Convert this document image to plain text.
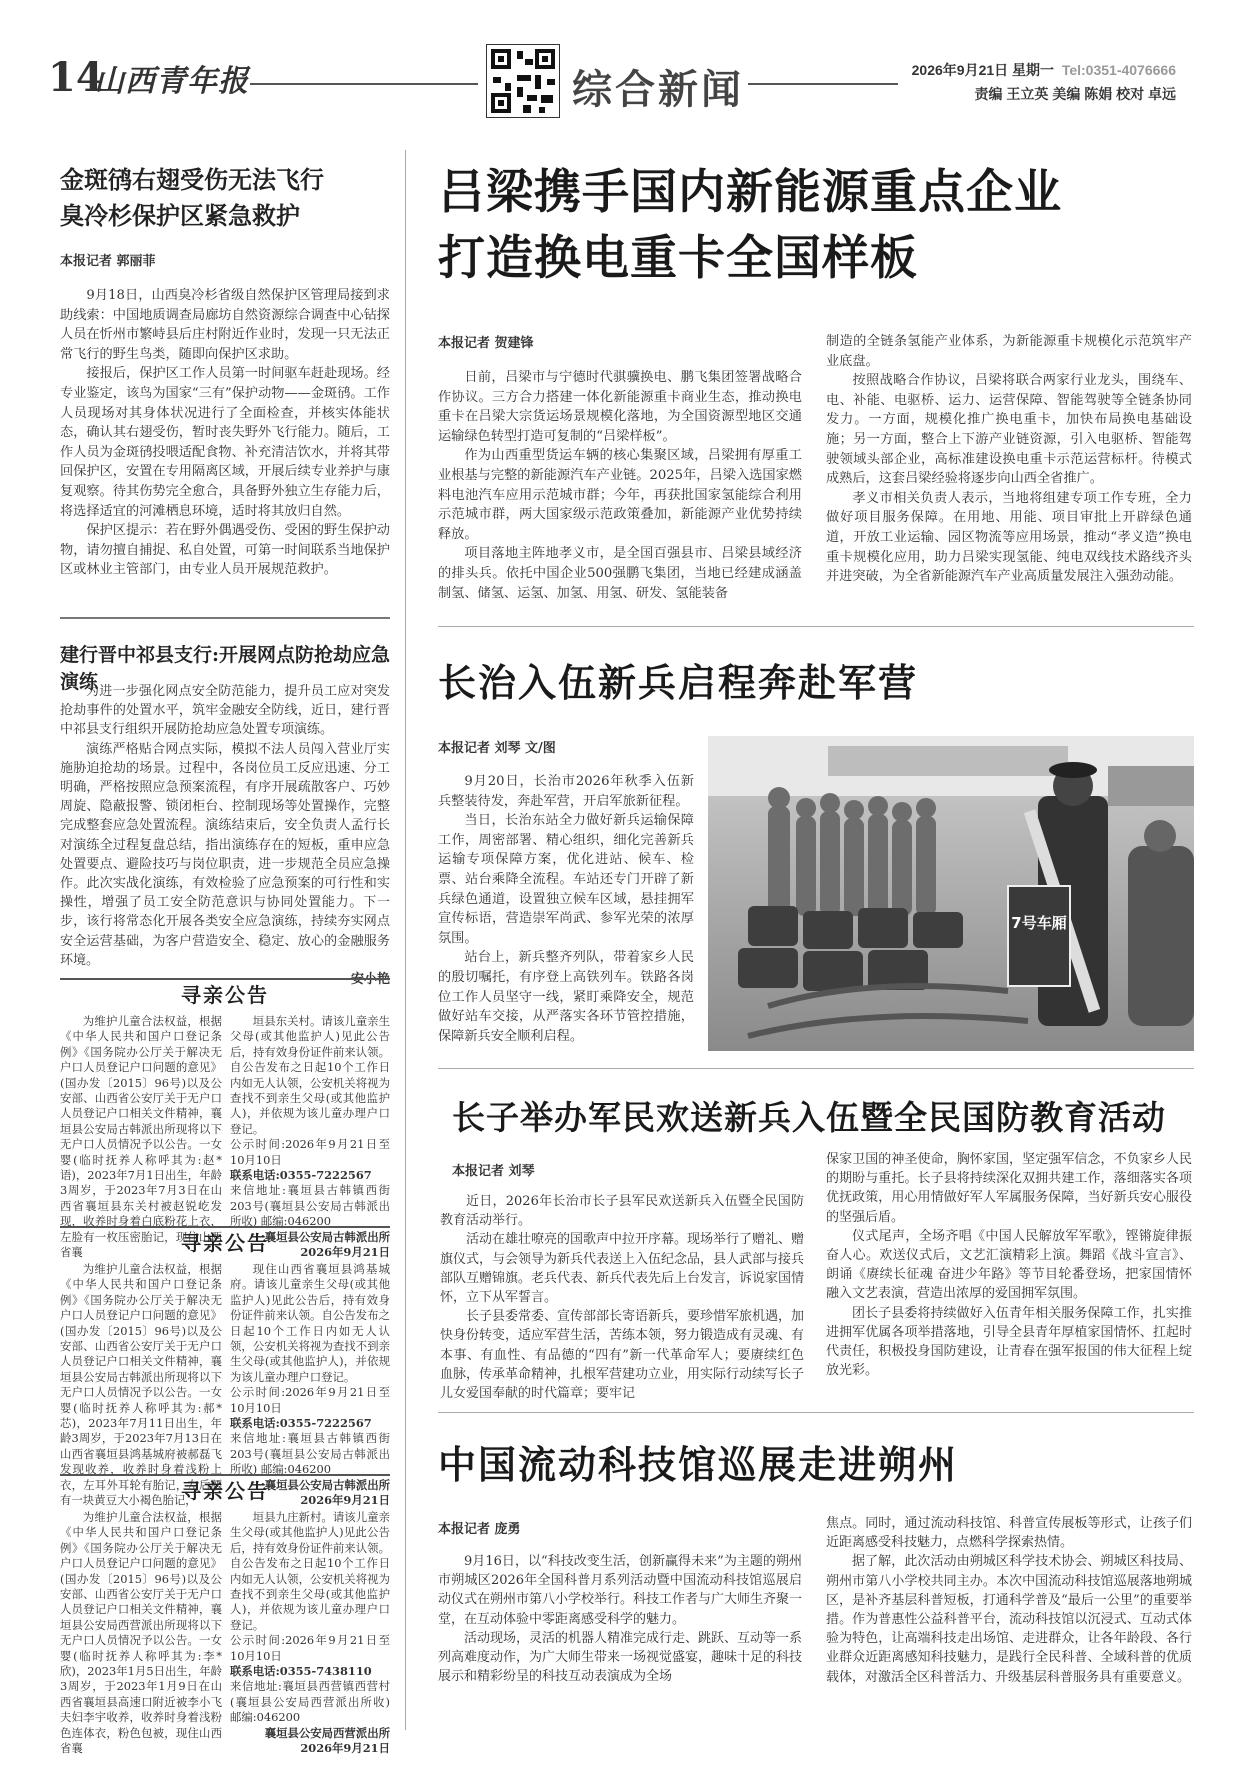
14
山西青年报	综合新闻	2026年9月21日 星期一 Tel:0351-4076666
责编 王立英 美编 陈娟 校对 卓远
金斑鸻右翅受伤无法飞行
臭冷杉保护区紧急救护
本报记者 郭丽菲

9月18日，山西臭冷杉省级自然保护区管理局接到求助线索：中国地质调查局廊坊自然资源综合调查中心钻探人员在忻州市繁峙县后庄村附近作业时，发现一只无法正常飞行的野生鸟类，随即向保护区求助。

接报后，保护区工作人员第一时间驱车赶赴现场。经专业鉴定，该鸟为国家“三有”保护动物——金斑鸻。工作人员现场对其身体状况进行了全面检查，并核实体能状态，确认其右翅受伤，暂时丧失野外飞行能力。随后，工作人员为金斑鸻投喂适配食物、补充清洁饮水，并将其带回保护区，安置在专用隔离区域，开展后续专业养护与康复观察。待其伤势完全愈合，具备野外独立生存能力后，将选择适宜的河滩栖息环境，适时将其放归自然。

保护区提示：若在野外偶遇受伤、受困的野生保护动物，请勿擅自捕捉、私自处置，可第一时间联系当地保护区或林业主管部门，由专业人员开展规范救护。

建行晋中祁县支行:开展网点防抢劫应急演练

为进一步强化网点安全防范能力，提升员工应对突发抢劫事件的处置水平，筑牢金融安全防线，近日，建行晋中祁县支行组织开展防抢劫应急处置专项演练。

演练严格贴合网点实际，模拟不法人员闯入营业厅实施胁迫抢劫的场景。过程中，各岗位员工反应迅速、分工明确，严格按照应急预案流程，有序开展疏散客户、巧妙周旋、隐蔽报警、锁闭柜台、控制现场等处置操作，完整完成整套应急处置流程。演练结束后，安全负责人孟行长对演练全过程复盘总结，指出演练存在的短板，重申应急处置要点、避险技巧与岗位职责，进一步规范全员应急操作。此次实战化演练，有效检验了应急预案的可行性和实操性，增强了员工安全防范意识与协同处置能力。下一步，该行将常态化开展各类安全应急演练，持续夯实网点安全运营基础，为客户营造安全、稳定、放心的金融服务环境。

安小艳
寻亲公告

为维护儿童合法权益，根据《中华人民共和国户口登记条例》《国务院办公厅关于解决无户口人员登记户口问题的意见》(国办发〔2015〕96号)以及公安部、山西省公安厅关于无户口人员登记户口相关文件精神，襄垣县公安局古韩派出所现将以下无户口人员情况予以公告。一女婴(临时抚养人称呼其为:赵*语)，2023年7月1日出生，年龄3周岁，于2023年7月3日在山西省襄垣县东关村被赵锐屹发现，收养时身着白底粉花上衣，左脸有一枚压密胎记，现住山西省襄

垣县东关村。请该儿童亲生父母(或其他监护人)见此公告后，持有效身份证件前来认领。自公告发布之日起10个工作日内如无人认领，公安机关将视为查找不到亲生父母(或其他监护人)，并依规为该儿童办理户口登记。

公示时间:2026年9月21日至10月10日
联系电话:0355-7222567
来信地址:襄垣县古韩镇西街203号(襄垣县公安局古韩派出所收) 邮编:046200
襄垣县公安局古韩派出所
2026年9月21日
寻亲公告

为维护儿童合法权益，根据《中华人民共和国户口登记条例》《国务院办公厅关于解决无户口人员登记户口问题的意见》(国办发〔2015〕96号)以及公安部、山西省公安厅关于无户口人员登记户口相关文件精神，襄垣县公安局古韩派出所现将以下无户口人员情况予以公告。一女婴(临时抚养人称呼其为:郝*芯)，2023年7月11日出生，年龄3周岁，于2023年7月13日在山西省襄垣县鸿基城府被郝磊飞发现收养，收养时身着浅粉上衣，左耳外耳轮有胎记，左后腰有一块黄豆大小褐色胎记，

现住山西省襄垣县鸿基城府。请该儿童亲生父母(或其他监护人)见此公告后，持有效身份证件前来认领。自公告发布之日起10个工作日内如无人认领，公安机关将视为查找不到亲生父母(或其他监护人)，并依规为该儿童办理户口登记。

公示时间:2026年9月21日至10月10日
联系电话:0355-7222567
来信地址:襄垣县古韩镇西街203号(襄垣县公安局古韩派出所收) 邮编:046200
襄垣县公安局古韩派出所
2026年9月21日
寻亲公告

为维护儿童合法权益，根据《中华人民共和国户口登记条例》《国务院办公厅关于解决无户口人员登记户口问题的意见》(国办发〔2015〕96号)以及公安部、山西省公安厅关于无户口人员登记户口相关文件精神，襄垣县公安局西营派出所现将以下无户口人员情况予以公告。一女婴(临时抚养人称呼其为:李*欣)，2023年1月5日出生，年龄3周岁，于2023年1月9日在山西省襄垣县高速口附近被李小飞夫妇李宇收养，收养时身着浅粉色连体衣，粉色包被，现住山西省襄

垣县九庄新村。请该儿童亲生父母(或其他监护人)见此公告后，持有效身份证件前来认领。自公告发布之日起10个工作日内如无人认领，公安机关将视为查找不到亲生父母(或其他监护人)，并依规为该儿童办理户口登记。

公示时间:2026年9月21日至10月10日
联系电话:0355-7438110
来信地址:襄垣县西营镇西营村(襄垣县公安局西营派出所收) 邮编:046200
襄垣县公安局西营派出所
2026年9月21日
吕梁携手国内新能源重点企业
打造换电重卡全国样板
本报记者 贺建锋

日前，吕梁市与宁德时代骐骥换电、鹏飞集团签署战略合作协议。三方合力搭建一体化新能源重卡商业生态，推动换电重卡在吕梁大宗货运场景规模化落地，为全国资源型地区交通运输绿色转型打造可复制的“吕梁样板”。

作为山西重型货运车辆的核心集聚区域，吕梁拥有厚重工业根基与完整的新能源汽车产业链。2025年，吕梁入选国家燃料电池汽车应用示范城市群；今年，再获批国家氢能综合利用示范城市群，两大国家级示范政策叠加，新能源产业优势持续释放。

项目落地主阵地孝义市，是全国百强县市、吕梁县域经济的排头兵。依托中国企业500强鹏飞集团，当地已经建成涵盖制氢、储氢、运氢、加氢、用氢、研发、氢能装备

制造的全链条氢能产业体系，为新能源重卡规模化示范筑牢产业底盘。

按照战略合作协议，吕梁将联合两家行业龙头，围绕车、电、补能、电驱桥、运力、运营保障、智能驾驶等全链条协同发力。一方面，规模化推广换电重卡，加快布局换电基础设施；另一方面，整合上下游产业链资源，引入电驱桥、智能驾驶领域头部企业，高标准建设换电重卡示范运营标杆。待模式成熟后，这套吕梁经验将逐步向山西全省推广。

孝义市相关负责人表示，当地将组建专项工作专班，全力做好项目服务保障。在用地、用能、项目审批上开辟绿色通道，开放工业运输、园区物流等应用场景，推动“孝义造”换电重卡规模化应用，助力吕梁实现氢能、纯电双线技术路线齐头并进突破，为全省新能源汽车产业高质量发展注入强劲动能。

长治入伍新兵启程奔赴军营
本报记者 刘琴 文/图

9月20日，长治市2026年秋季入伍新兵整装待发，奔赴军营，开启军旅新征程。

当日，长治东站全力做好新兵运输保障工作，周密部署、精心组织，细化完善新兵运输专项保障方案，优化进站、候车、检票、站台乘降全流程。车站还专门开辟了新兵绿色通道，设置独立候车区域，悬挂拥军宣传标语，营造崇军尚武、参军光荣的浓厚氛围。

站台上，新兵整齐列队，带着家乡人民的殷切嘱托，有序登上高铁列车。铁路各岗位工作人员坚守一线，紧盯乘降安全，规范做好站车交接，从严落实各环节管控措施，保障新兵安全顺利启程。

7号车厢
长子举办军民欢送新兵入伍暨全民国防教育活动
本报记者 刘琴

近日，2026年长治市长子县军民欢送新兵入伍暨全民国防教育活动举行。

活动在雄壮嘹亮的国歌声中拉开序幕。现场举行了赠礼、赠旗仪式，与会领导为新兵代表送上入伍纪念品，县人武部与接兵部队互赠锦旗。老兵代表、新兵代表先后上台发言，诉说家国情怀，立下从军誓言。

长子县委常委、宣传部部长寄语新兵，要珍惜军旅机遇，加快身份转变，适应军营生活，苦练本领，努力锻造成有灵魂、有本事、有血性、有品德的“四有”新一代革命军人；要赓续红色血脉，传承革命精神，扎根军营建功立业，用实际行动续写长子儿女爱国奉献的时代篇章；要牢记

保家卫国的神圣使命，胸怀家国，坚定强军信念，不负家乡人民的期盼与重托。长子县将持续深化双拥共建工作，落细落实各项优抚政策，用心用情做好军人军属服务保障，当好新兵安心服役的坚强后盾。

仪式尾声，全场齐唱《中国人民解放军军歌》，铿锵旋律振奋人心。欢送仪式后，文艺汇演精彩上演。舞蹈《战斗宣言》、朗诵《赓续长征魂 奋进少年路》等节目轮番登场，把家国情怀融入文艺表演，营造出浓厚的爱国拥军氛围。

团长子县委将持续做好入伍青年相关服务保障工作，扎实推进拥军优属各项举措落地，引导全县青年厚植家国情怀、扛起时代责任，积极投身国防建设，让青春在强军报国的伟大征程上绽放光彩。

中国流动科技馆巡展走进朔州
本报记者 庞勇

9月16日，以“科技改变生活，创新赢得未来”为主题的朔州市朔城区2026年全国科普月系列活动暨中国流动科技馆巡展启动仪式在朔州市第八小学校举行。科技工作者与广大师生齐聚一堂，在互动体验中零距离感受科学的魅力。

活动现场，灵活的机器人精准完成行走、跳跃、互动等一系列高难度动作，为广大师生带来一场视觉盛宴，趣味十足的科技展示和精彩纷呈的科技互动表演成为全场

焦点。同时，通过流动科技馆、科普宣传展板等形式，让孩子们近距离感受科技魅力，点燃科学探索热情。

据了解，此次活动由朔城区科学技术协会、朔城区科技局、朔州市第八小学校共同主办。本次中国流动科技馆巡展落地朔城区，是补齐基层科普短板，打通科学普及“最后一公里”的重要举措。作为普惠性公益科普平台，流动科技馆以沉浸式、互动式体验为特色，让高端科技走出场馆、走进群众，让各年龄段、各行业群众近距离感知科技魅力，是践行全民科普、全域科普的优质载体，对激活全区科普活力、升级基层科普服务具有重要意义。
